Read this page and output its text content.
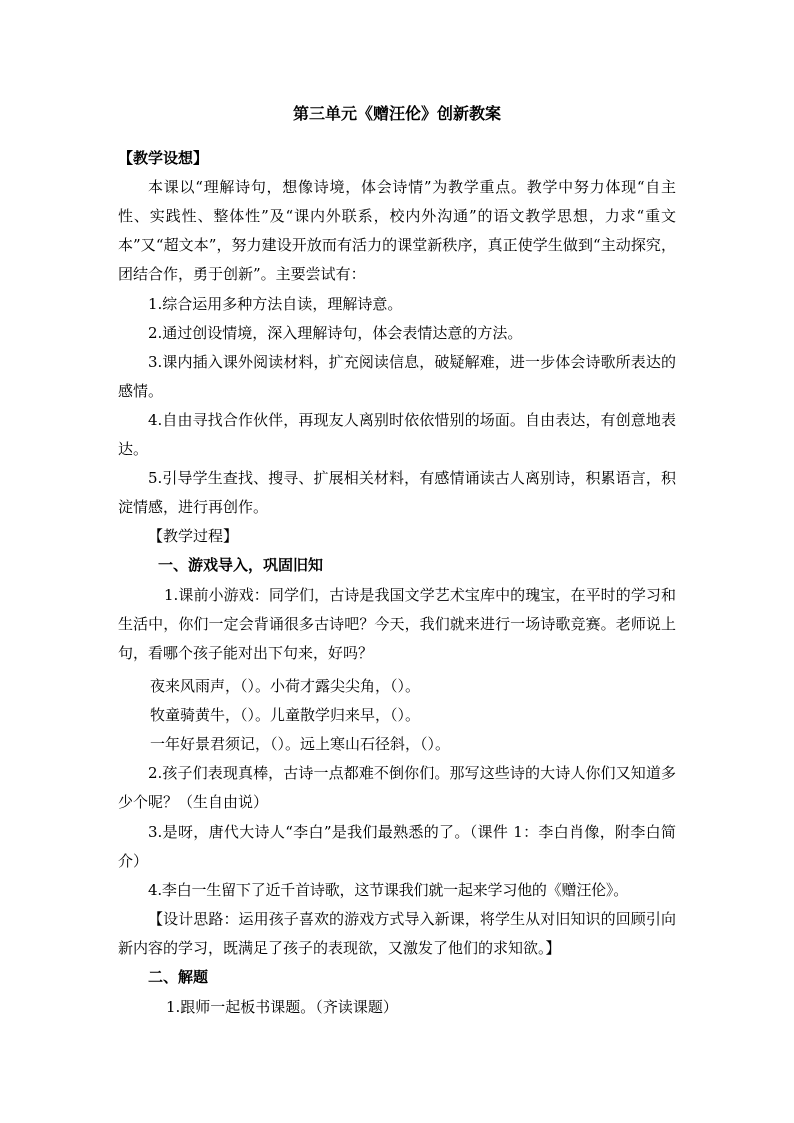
第三单元《赠汪伦》创新教案

【教学设想】

本课以“理解诗句，想像诗境，体会诗情”为教学重点。教学中努力体现“自主性、实践性、整体性”及“课内外联系，校内外沟通”的语文教学思想，力求“重文本”又“超文本”，努力建设开放而有活力的课堂新秩序，真正使学生做到“主动探究，团结合作，勇于创新”。主要尝试有：

1.综合运用多种方法自读，理解诗意。

2.通过创设情境，深入理解诗句，体会表情达意的方法。

3.课内插入课外阅读材料，扩充阅读信息，破疑解难，进一步体会诗歌所表达的感情。

4.自由寻找合作伙伴，再现友人离别时依依惜别的场面。自由表达，有创意地表达。

5.引导学生查找、搜寻、扩展相关材料，有感情诵读古人离别诗，积累语言，积淀情感，进行再创作。

【教学过程】

一、游戏导入，巩固旧知

1.课前小游戏：同学们，古诗是我国文学艺术宝库中的瑰宝，在平时的学习和生活中，你们一定会背诵很多古诗吧？今天，我们就来进行一场诗歌竞赛。老师说上句，看哪个孩子能对出下句来，好吗？

夜来风雨声，（）。小荷才露尖尖角，（）。

牧童骑黄牛，（）。儿童散学归来早，（）。

一年好景君须记，（）。远上寒山石径斜，（）。

2.孩子们表现真棒，古诗一点都难不倒你们。那写这些诗的大诗人你们又知道多少个呢？（生自由说）

3.是呀，唐代大诗人“李白”是我们最熟悉的了。（课件 1：李白肖像，附李白简介）

4.李白一生留下了近千首诗歌，这节课我们就一起来学习他的《赠汪伦》。

【设计思路：运用孩子喜欢的游戏方式导入新课，将学生从对旧知识的回顾引向新内容的学习，既满足了孩子的表现欲，又激发了他们的求知欲。】

二、解题

1.跟师一起板书课题。（齐读课题）
